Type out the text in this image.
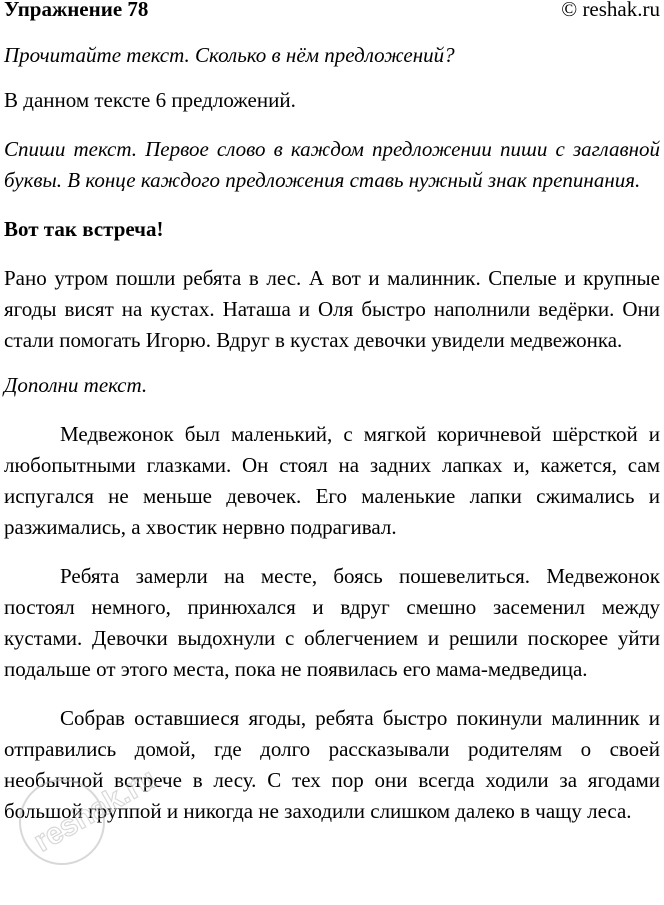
Упражнение 78	© reshak.ru

Прочитайте текст. Сколько в нём предложений?

В данном тексте 6 предложений.

Спиши текст. Первое слово в каждом предложении пиши с заглавной буквы. В конце каждого предложения ставь нужный знак препинания.

Вот так встреча!

Рано утром пошли ребята в лес. А вот и малинник. Спелые и крупные ягоды висят на кустах. Наташа и Оля быстро наполнили ведёрки. Они стали помогать Игорю. Вдруг в кустах девочки увидели медвежонка.

Дополни текст.

Медвежонок был маленький, с мягкой коричневой шёрсткой и любопытными глазками. Он стоял на задних лапках и, кажется, сам испугался не меньше девочек. Его маленькие лапки сжимались и разжимались, а хвостик нервно подрагивал.

Ребята замерли на месте, боясь пошевелиться. Медвежонок постоял немного, принюхался и вдруг смешно засеменил между кустами. Девочки выдохнули с облегчением и решили поскорее уйти подальше от этого места, пока не появилась его мама-медведица.

Собрав оставшиеся ягоды, ребята быстро покинули малинник и отправились домой, где долго рассказывали родителям о своей необычной встрече в лесу. С тех пор они всегда ходили за ягодами большой группой и никогда не заходили слишком далеко в чащу леса.

reshak.ru
